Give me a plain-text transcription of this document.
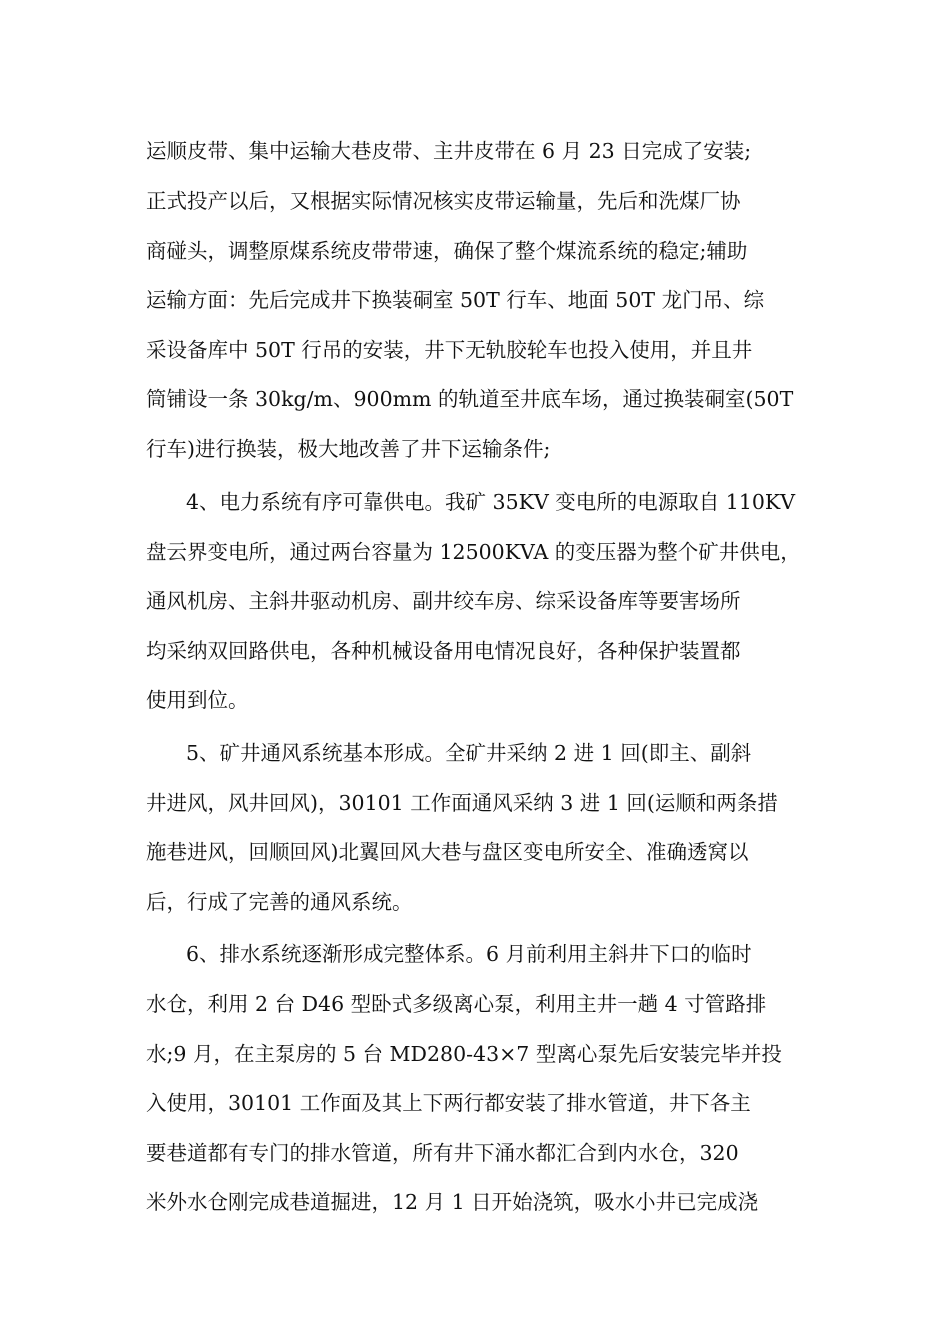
运顺皮带、集中运输大巷皮带、主井皮带在 6 月 23 日完成了安装;
正式投产以后，又根据实际情况核实皮带运输量，先后和洗煤厂协
商碰头，调整原煤系统皮带带速，确保了整个煤流系统的稳定;辅助
运输方面：先后完成井下换装硐室 50T 行车、地面 50T 龙门吊、综
采设备库中 50T 行吊的安装，井下无轨胶轮车也投入使用，并且井
筒铺设一条 30kg/m、900mm 的轨道至井底车场，通过换装硐室(50T
行车)进行换装，极大地改善了井下运输条件;
4、电力系统有序可靠供电。我矿 35KV 变电所的电源取自 110KV
盘云界变电所，通过两台容量为 12500KVA 的变压器为整个矿井供电，
通风机房、主斜井驱动机房、副井绞车房、综采设备库等要害场所
均采纳双回路供电，各种机械设备用电情况良好，各种保护装置都
使用到位。
5、矿井通风系统基本形成。全矿井采纳 2 进 1 回(即主、副斜
井进风，风井回风)，30101 工作面通风采纳 3 进 1 回(运顺和两条措
施巷进风，回顺回风)北翼回风大巷与盘区变电所安全、准确透窝以
后，行成了完善的通风系统。
6、排水系统逐渐形成完整体系。6 月前利用主斜井下口的临时
水仓，利用 2 台 D46 型卧式多级离心泵，利用主井一趟 4 寸管路排
水;9 月，在主泵房的 5 台 MD280-43×7 型离心泵先后安装完毕并投
入使用，30101 工作面及其上下两行都安装了排水管道，井下各主
要巷道都有专门的排水管道，所有井下涌水都汇合到内水仓，320
米外水仓刚完成巷道掘进，12 月 1 日开始浇筑，吸水小井已完成浇
